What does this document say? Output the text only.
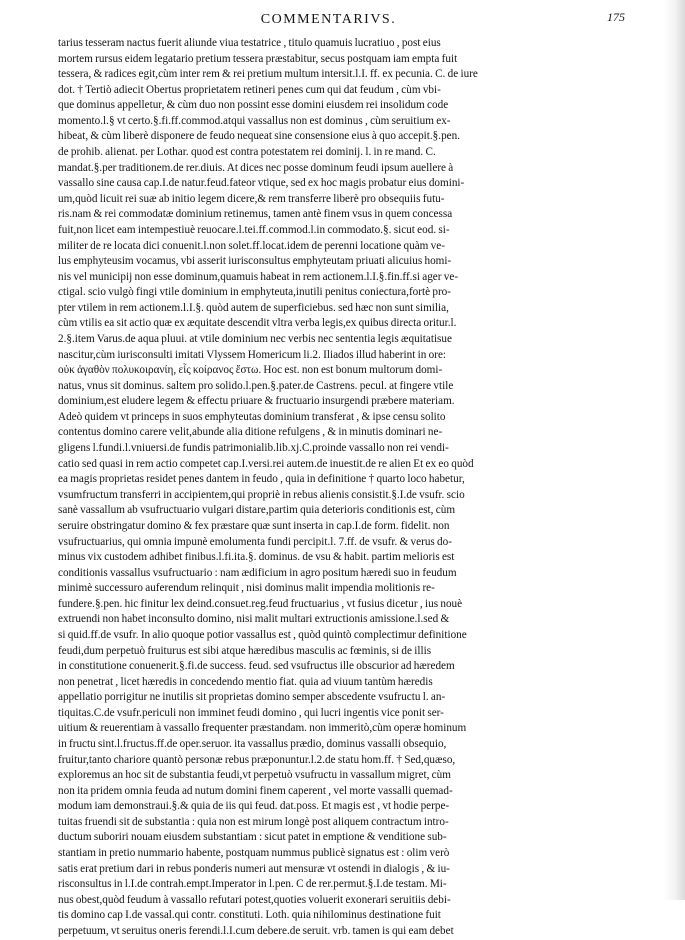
COMMENTARIVS.	175
tarius tesseram nactus fuerit aliunde viua testatrice , titulo quamuis lucratiuo , post eius
mortem rursus eidem legatario pretium tessera præstabitur, secus postquam iam empta fuit
tessera, & radices egit,cùm inter rem & rei pretium multum intersit.l.I. ff. ex pecunia. C. de iure
dot. † Tertiò adiecit Obertus proprietatem retineri penes cum qui dat feudum , cùm vbi-
que dominus appelletur, & cùm duo non possint esse domini eiusdem rei insolidum code
momento.l.§ vt certo.§.fi.ff.commod.atqui vassallus non est dominus , cùm seruitium ex-
hibeat, & cùm liberè disponere de feudo nequeat sine consensione eius à quo accepit.§.pen.
de prohib. alienat. per Lothar. quod est contra potestatem rei dominij. l. in re mand. C.
mandat.§.per traditionem.de rer.diuis. At dices nec posse dominum feudi ipsum auellere à
vassallo sine causa cap.I.de natur.feud.fateor vtique, sed ex hoc magis probatur eius domini-
um,quòd licuit rei suæ ab initio legem dicere,& rem transferre liberè pro obsequiis futu-
ris.nam & rei commodatæ dominium retinemus, tamen antè finem vsus in quem concessa
fuit,non licet eam intempestiuè reuocare.l.tei.ff.commod.l.in commodato.§. sicut eod. si-
militer de re locata dici conuenit.l.non solet.ff.locat.idem de perenni locatione quàm ve-
lus emphyteusim vocamus, vbi asserit iurisconsultus emphyteutam priuati alicuius homi-
nis vel municipij non esse dominum,quamuis habeat in rem actionem.l.I.§.fin.ff.si ager ve-
ctigal. scio vulgò fingi vtile dominium in emphyteuta,inutili penitus coniectura,fortè pro-
pter vtilem in rem actionem.l.I.§. quòd autem de superficiebus. sed hæc non sunt similia,
cùm vtilis ea sit actio quæ ex æquitate descendit vltra verba legis,ex quibus directa oritur.l.
2.§.item Varus.de aqua pluui. at vtile dominium nec verbis nec sententia legis æquitatisue
nascitur,cùm iurisconsulti imitati Vlyssem Homericum li.2. Iliados illud haberint in ore:
οὐκ ἀγαθὸν πολυκοιρανίη, εἷς κοίρανος ἔστω. Hoc est. non est bonum multorum domi-
natus, vnus sit dominus. saltem pro solido.l.pen.§.pater.de Castrens. pecul. at fingere vtile
dominium,est eludere legem & effectu priuare & fructuario insurgendi præbere materiam.
Adeò quidem vt princeps in suos emphyteutas dominium transferat , & ipse censu solito
contentus domino carere velit,abunde alia ditione refulgens , & in minutis dominari ne-
gligens l.fundi.l.vniuersi.de fundis patrimonialib.lib.xj.C.proinde vassallo non rei vendi-
catio sed quasi in rem actio competet cap.I.versi.rei autem.de inuestit.de re alien Et ex eo quòd
ea magis proprietas residet penes dantem in feudo , quia in definitione † quarto loco habetur,
vsumfructum transferri in accipientem,qui propriè in rebus alienis consistit.§.I.de vsufr. scio
sanè vassallum ab vsufructuario vulgari distare,partim quia deterioris conditionis est, cùm
seruire obstringatur domino & fex præstare quæ sunt inserta in cap.I.de form. fidelit. non
vsufructuarius, qui omnia impunè emolumenta fundi percipit.l. 7.ff. de vsufr. & verus do-
minus vix custodem adhibet finibus.l.fi.ita.§. dominus. de vsu & habit. partim melioris est
conditionis vassallus vsufructuario : nam ædificium in agro positum hæredi suo in feudum
minimè successuro auferendum relinquit , nisi dominus malit impendia molitionis re-
fundere.§.pen. hic finitur lex deind.consuet.reg.feud fructuarius , vt fusius dicetur , ius nouè
extruendi non habet inconsulto domino, nisi malit multari extructionis amissione.l.sed &
si quid.ff.de vsufr. In alio quoque potior vassallus est , quòd quintò complectimur definitione
feudi,dum perpetuò fruiturus est sibi atque hæredibus masculis ac fœminis, si de illis
in constitutione conuenerit.§.fi.de success. feud. sed vsufructus ille obscurior ad hæredem
non penetrat , licet hæredis in concedendo mentio fiat. quia ad viuum tantùm hæredis
appellatio porrigitur ne inutilis sit proprietas domino semper abscedente vsufructu l. an-
tiquitas.C.de vsufr.periculi non imminet feudi domino , qui lucri ingentis vice ponit ser-
uitium & reuerentiam à vassallo frequenter præstandam. non immeritò,cùm operæ hominum
in fructu sint.l.fructus.ff.de oper.seruor. ita vassallus prædio, dominus vassalli obsequio,
fruitur,tanto chariore quantò personæ rebus præponuntur.l.2.de statu hom.ff. † Sed,quæso,
exploremus an hoc sit de substantia feudi,vt perpetuò vsufructu in vassallum migret, cùm
non ita pridem omnia feuda ad nutum domini finem caperent , vel morte vassalli quemad-
modum iam demonstraui.§.& quia de iis qui feud. dat.poss. Et magis est , vt hodie perpe-
tuitas fruendi sit de substantia : quia non est mirum longè post aliquem contractum intro-
ductum suboriri nouam eiusdem substantiam : sicut patet in emptione & venditione sub-
stantiam in pretio nummario habente, postquam nummus publicè signatus est : olim verò
satis erat pretium dari in rebus ponderis numeri aut mensuræ vt ostendi in dialogis , & iu-
risconsultus in l.I.de contrah.empt.Imperator in l.pen. C de rer.permut.§.I.de testam. Mi-
nus obest,quòd feudum à vassallo refutari potest,quoties voluerit exonerari seruitiis debi-
tis domino cap I.de vassal.qui contr. constituti. Loth. quia nihilominus destinatione fuit
perpetuum, vt seruitus oneris ferendi.l.I.cum debere.de seruit. vrb. tamen is qui eam debet
